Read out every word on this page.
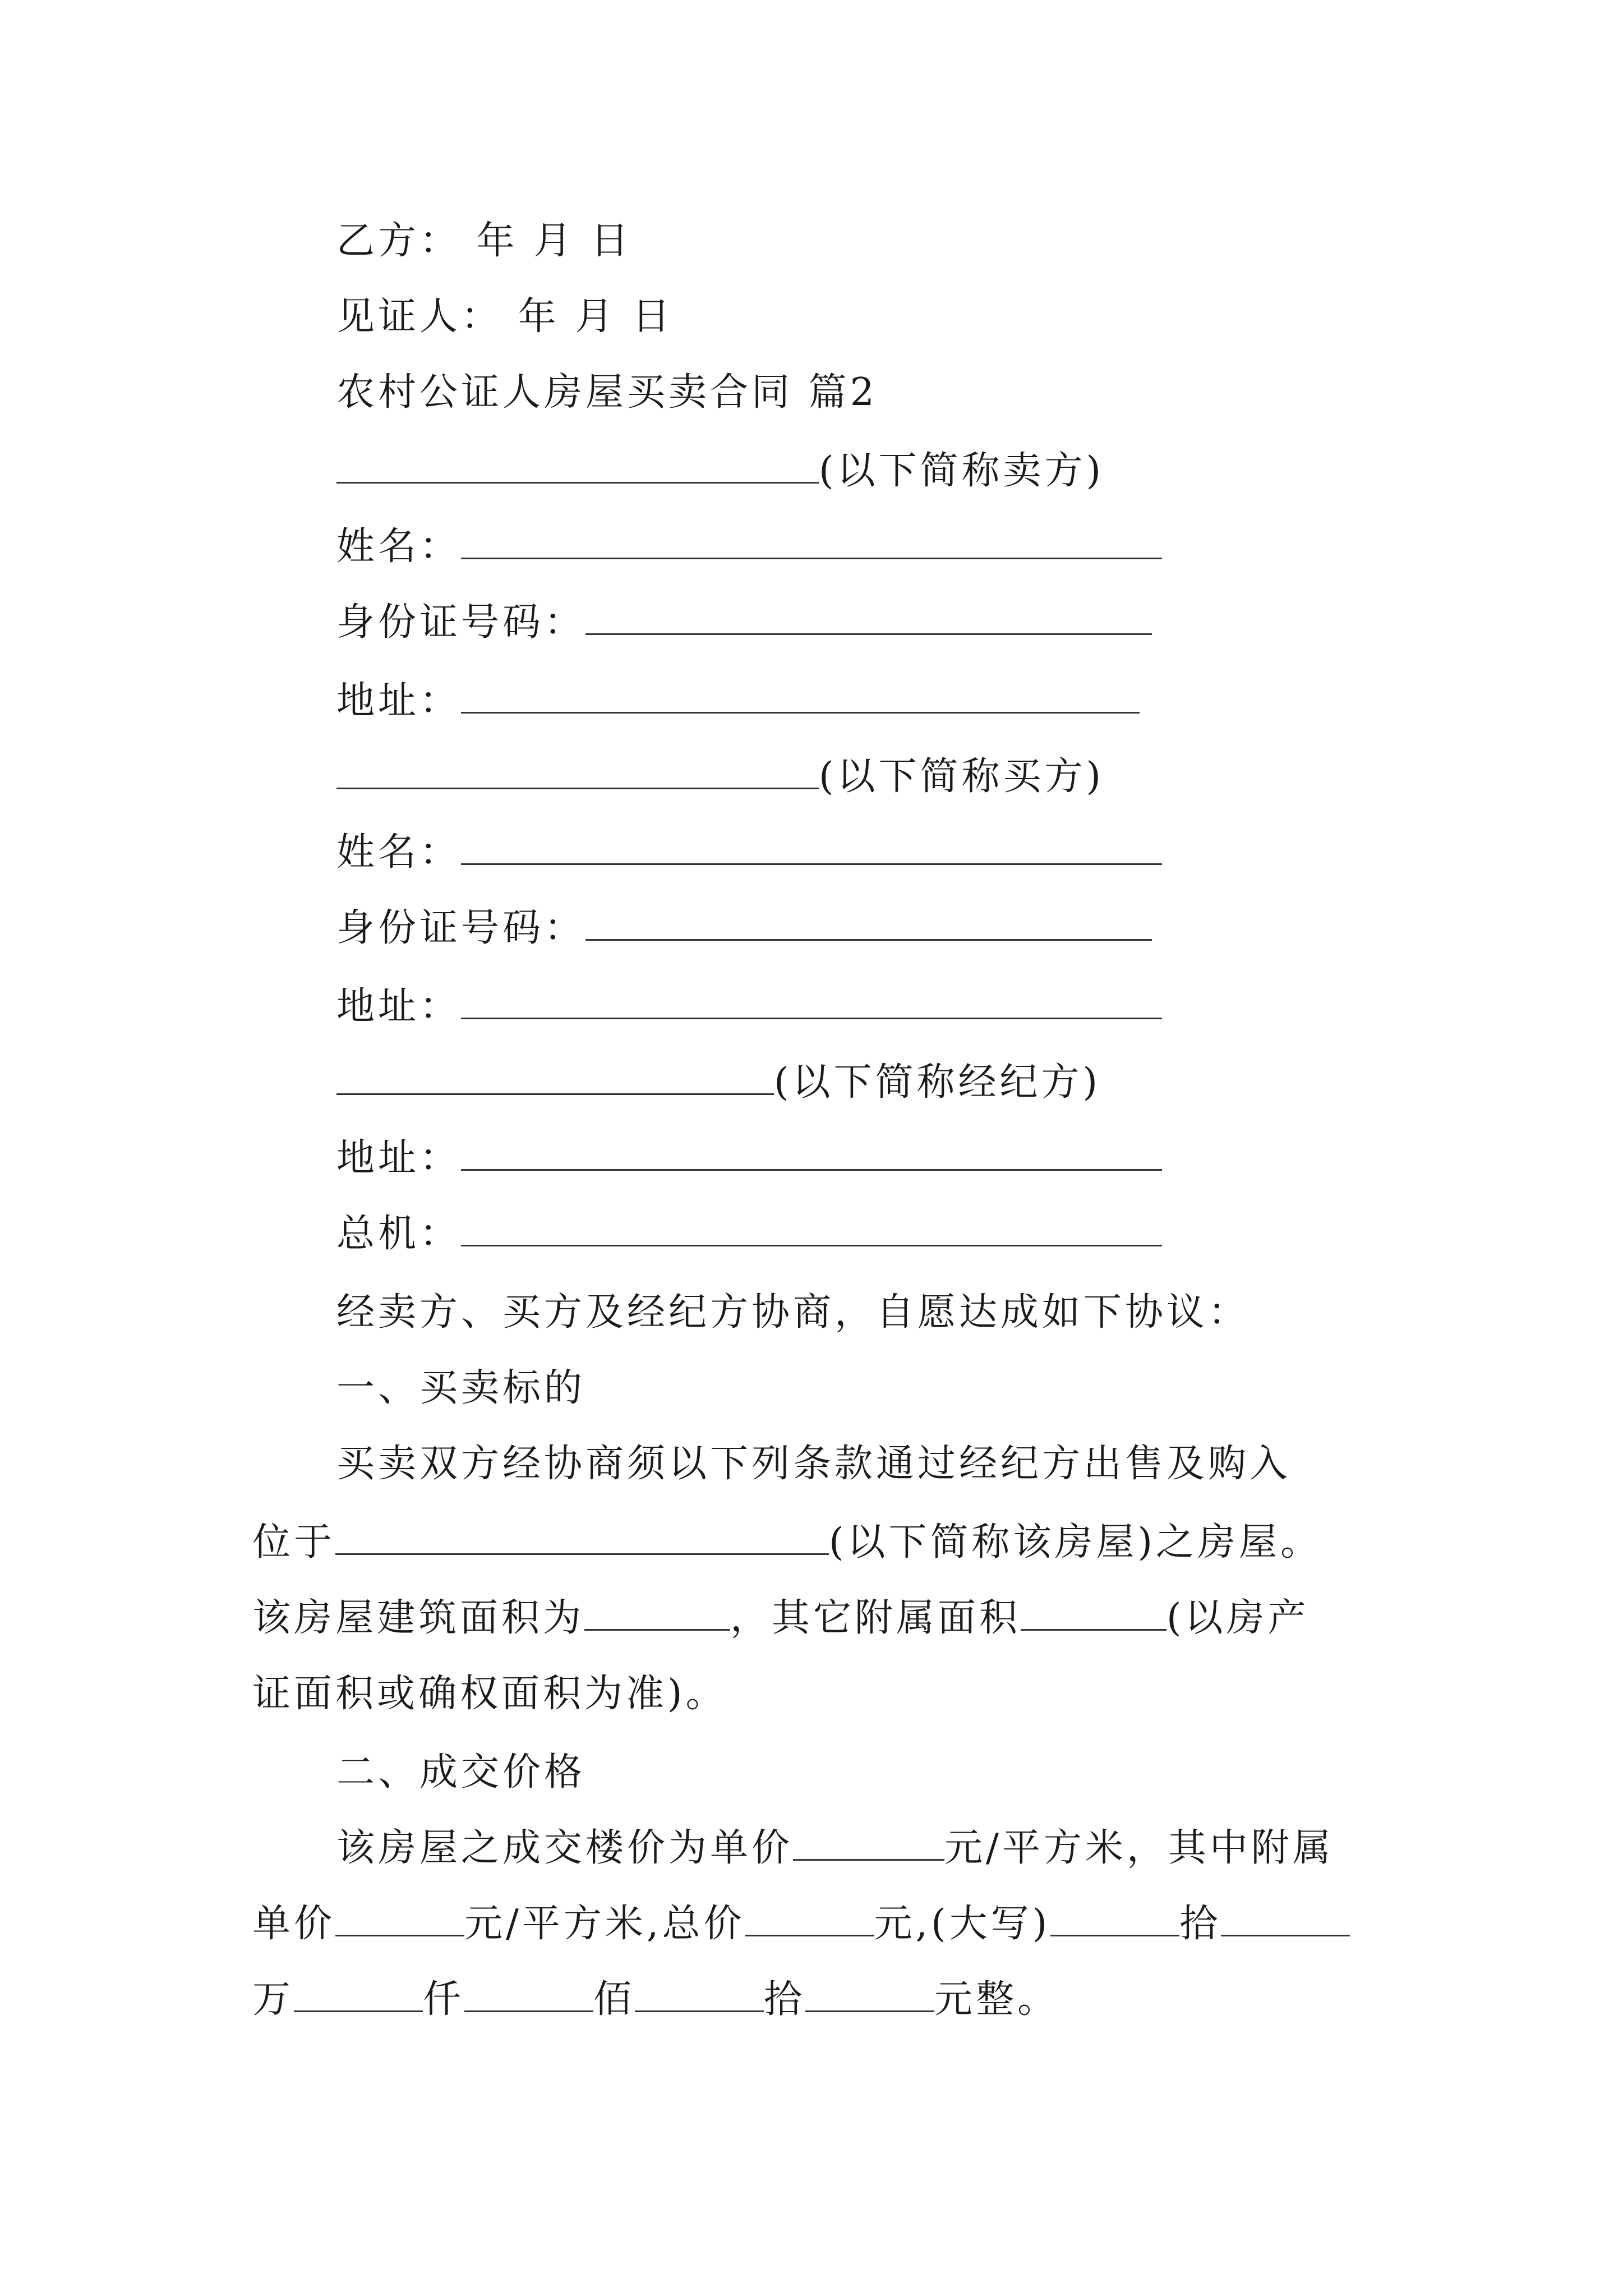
乙方： 年 月 日
见证人： 年 月 日
农村公证人房屋买卖合同 篇2
(以下简称卖方)
姓名：
身份证号码：
地址：
(以下简称买方)
姓名：
身份证号码：
地址：
(以下简称经纪方)
地址：
总机：
经卖方、买方及经纪方协商，自愿达成如下协议：
一、买卖标的
买卖双方经协商须以下列条款通过经纪方出售及购入
位于	(以下简称该房屋)之房屋。
该房屋建筑面积为	，其它附属面积	(以房产
证面积或确权面积为准)。
二、成交价格
该房屋之成交楼价为单价	元/平方米，其中附属
单价	元/平方米,总价	元,(大写)	拾
万	仟	佰	拾	元整。
